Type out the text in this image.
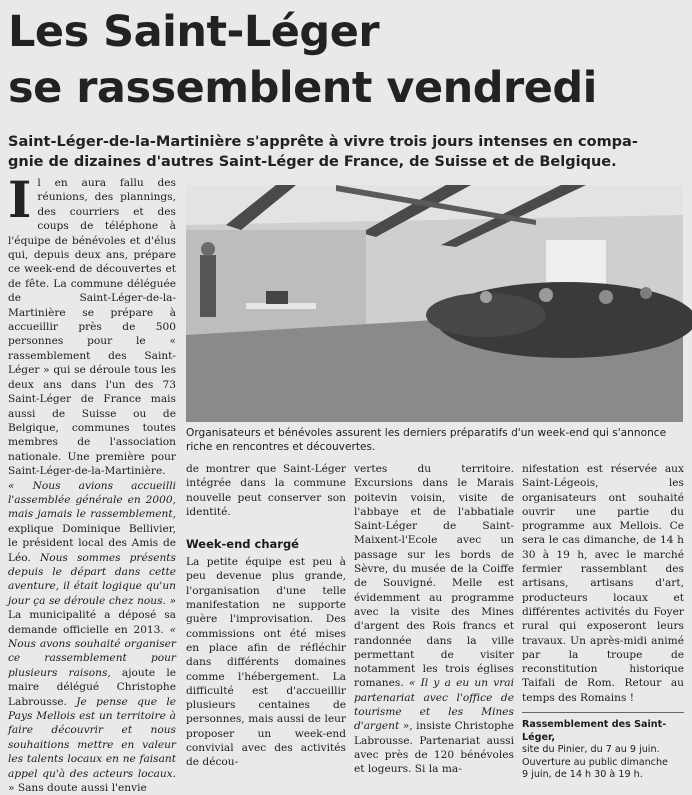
Les Saint-Léger
se rassemblent vendredi

Saint-Léger-de-la-Martinière s'apprête à vivre trois jours intenses en compa-
gnie de dizaines d'autres Saint-Léger de France, de Suisse et de Belgique.

Il en aura fallu des réunions, des plannings, des courriers et des coups de téléphone à l'équipe de bénévoles et d'élus qui, depuis deux ans, prépare ce week-end de découvertes et de fête. La commune déléguée de Saint-Léger-de-la-Martinière se prépare à accueillir près de 500 personnes pour le « rassemblement des Saint-Léger » qui se déroule tous les deux ans dans l'un des 73 Saint-Léger de France mais aussi de Suisse ou de Belgique, communes toutes membres de l'association nationale. Une première pour Saint-Léger-de-la-Martinière.

« Nous avions accueilli l'assemblée générale en 2000, mais jamais le rassemblement, explique Dominique Bellivier, le président local des Amis de Léo. Nous sommes présents depuis le départ dans cette aventure, il était logique qu'un jour ça se déroule chez nous. » La municipalité a déposé sa demande officielle en 2013. « Nous avons souhaité organiser ce rassemblement pour plusieurs raisons, ajoute le maire délégué Christophe Labrousse. Je pense que le Pays Mellois est un territoire à faire découvrir et nous souhaitions mettre en valeur les talents locaux en ne faisant appel qu'à des acteurs locaux. » Sans doute aussi l'envie

Organisateurs et bénévoles assurent les derniers préparatifs d'un week-end qui s'annonce riche en rencontres et découvertes.

de montrer que Saint-Léger intégrée dans la commune nouvelle peut conserver son identité.

Week-end chargé

La petite équipe est peu à peu devenue plus grande, l'organisation d'une telle manifestation ne supporte guère l'improvisation. Des commissions ont été mises en place afin de réfléchir dans différents domaines comme l'hébergement. La difficulté est d'accueillir plusieurs centaines de personnes, mais aussi de leur proposer un week-end convivial avec des activités de décou-

vertes du territoire. Excursions dans le Marais poitevin voisin, visite de l'abbaye et de l'abbatiale Saint-Léger de Saint-Maixent-l'Ecole avec un passage sur les bords de Sèvre, du musée de la Coiffe de Souvigné. Melle est évidemment au programme avec la visite des Mines d'argent des Rois francs et randonnée dans la ville permettant de visiter notamment les trois églises romanes. « Il y a eu un vrai partenariat avec l'office de tourisme et les Mines d'argent », insiste Christophe Labrousse. Partenariat aussi avec près de 120 bénévoles et logeurs. Si la ma-

nifestation est réservée aux Saint-Légeois, les organisateurs ont souhaité ouvrir une partie du programme aux Mellois. Ce sera le cas dimanche, de 14 h 30 à 19 h, avec le marché fermier rassemblant des artisans, artisans d'art, producteurs locaux et différentes activités du Foyer rural qui exposeront leurs travaux. Un après-midi animé par la troupe de reconstitution historique Taifali de Rom. Retour au temps des Romains !

Rassemblement des Saint-Léger,
site du Pinier, du 7 au 9 juin.
Ouverture au public dimanche
9 juin, de 14 h 30 à 19 h.
